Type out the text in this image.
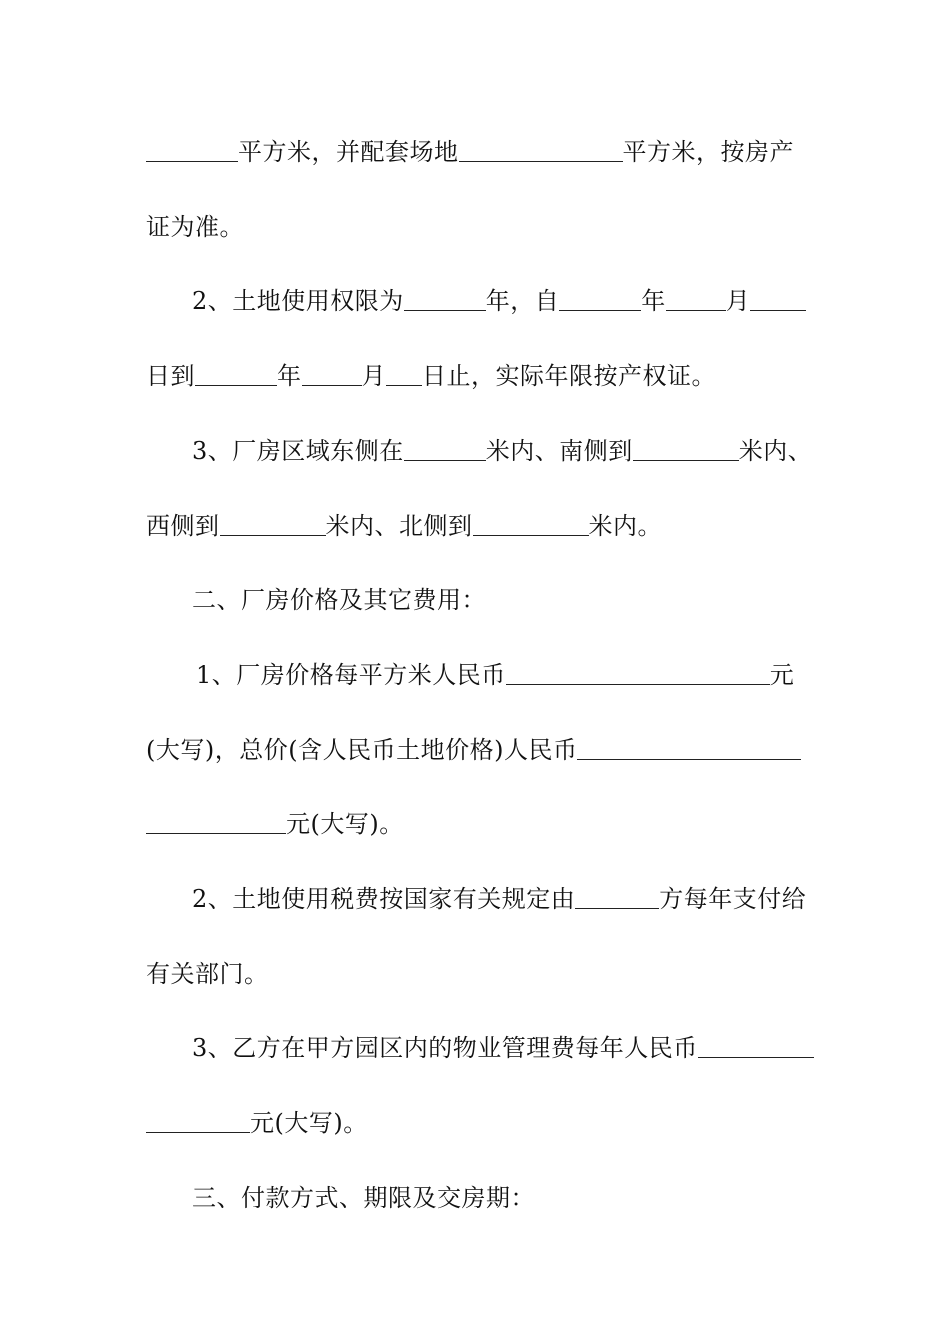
平方米，并配套场地	平方米，按房产
证为准。
2、土地使用权限为	年，自	年	月
日到	年	月 日止，实际年限按产权证。
3、厂房区域东侧在	米内、南侧到	米内、
西侧到	米内、北侧到	米内。
二、厂房价格及其它费用：
1、厂房价格每平方米人民币	元
(大写)，总价(含人民币土地价格)人民币
元(大写)。
2、土地使用税费按国家有关规定由	方每年支付给
有关部门。
3、乙方在甲方园区内的物业管理费每年人民币
元(大写)。
三、付款方式、期限及交房期：
